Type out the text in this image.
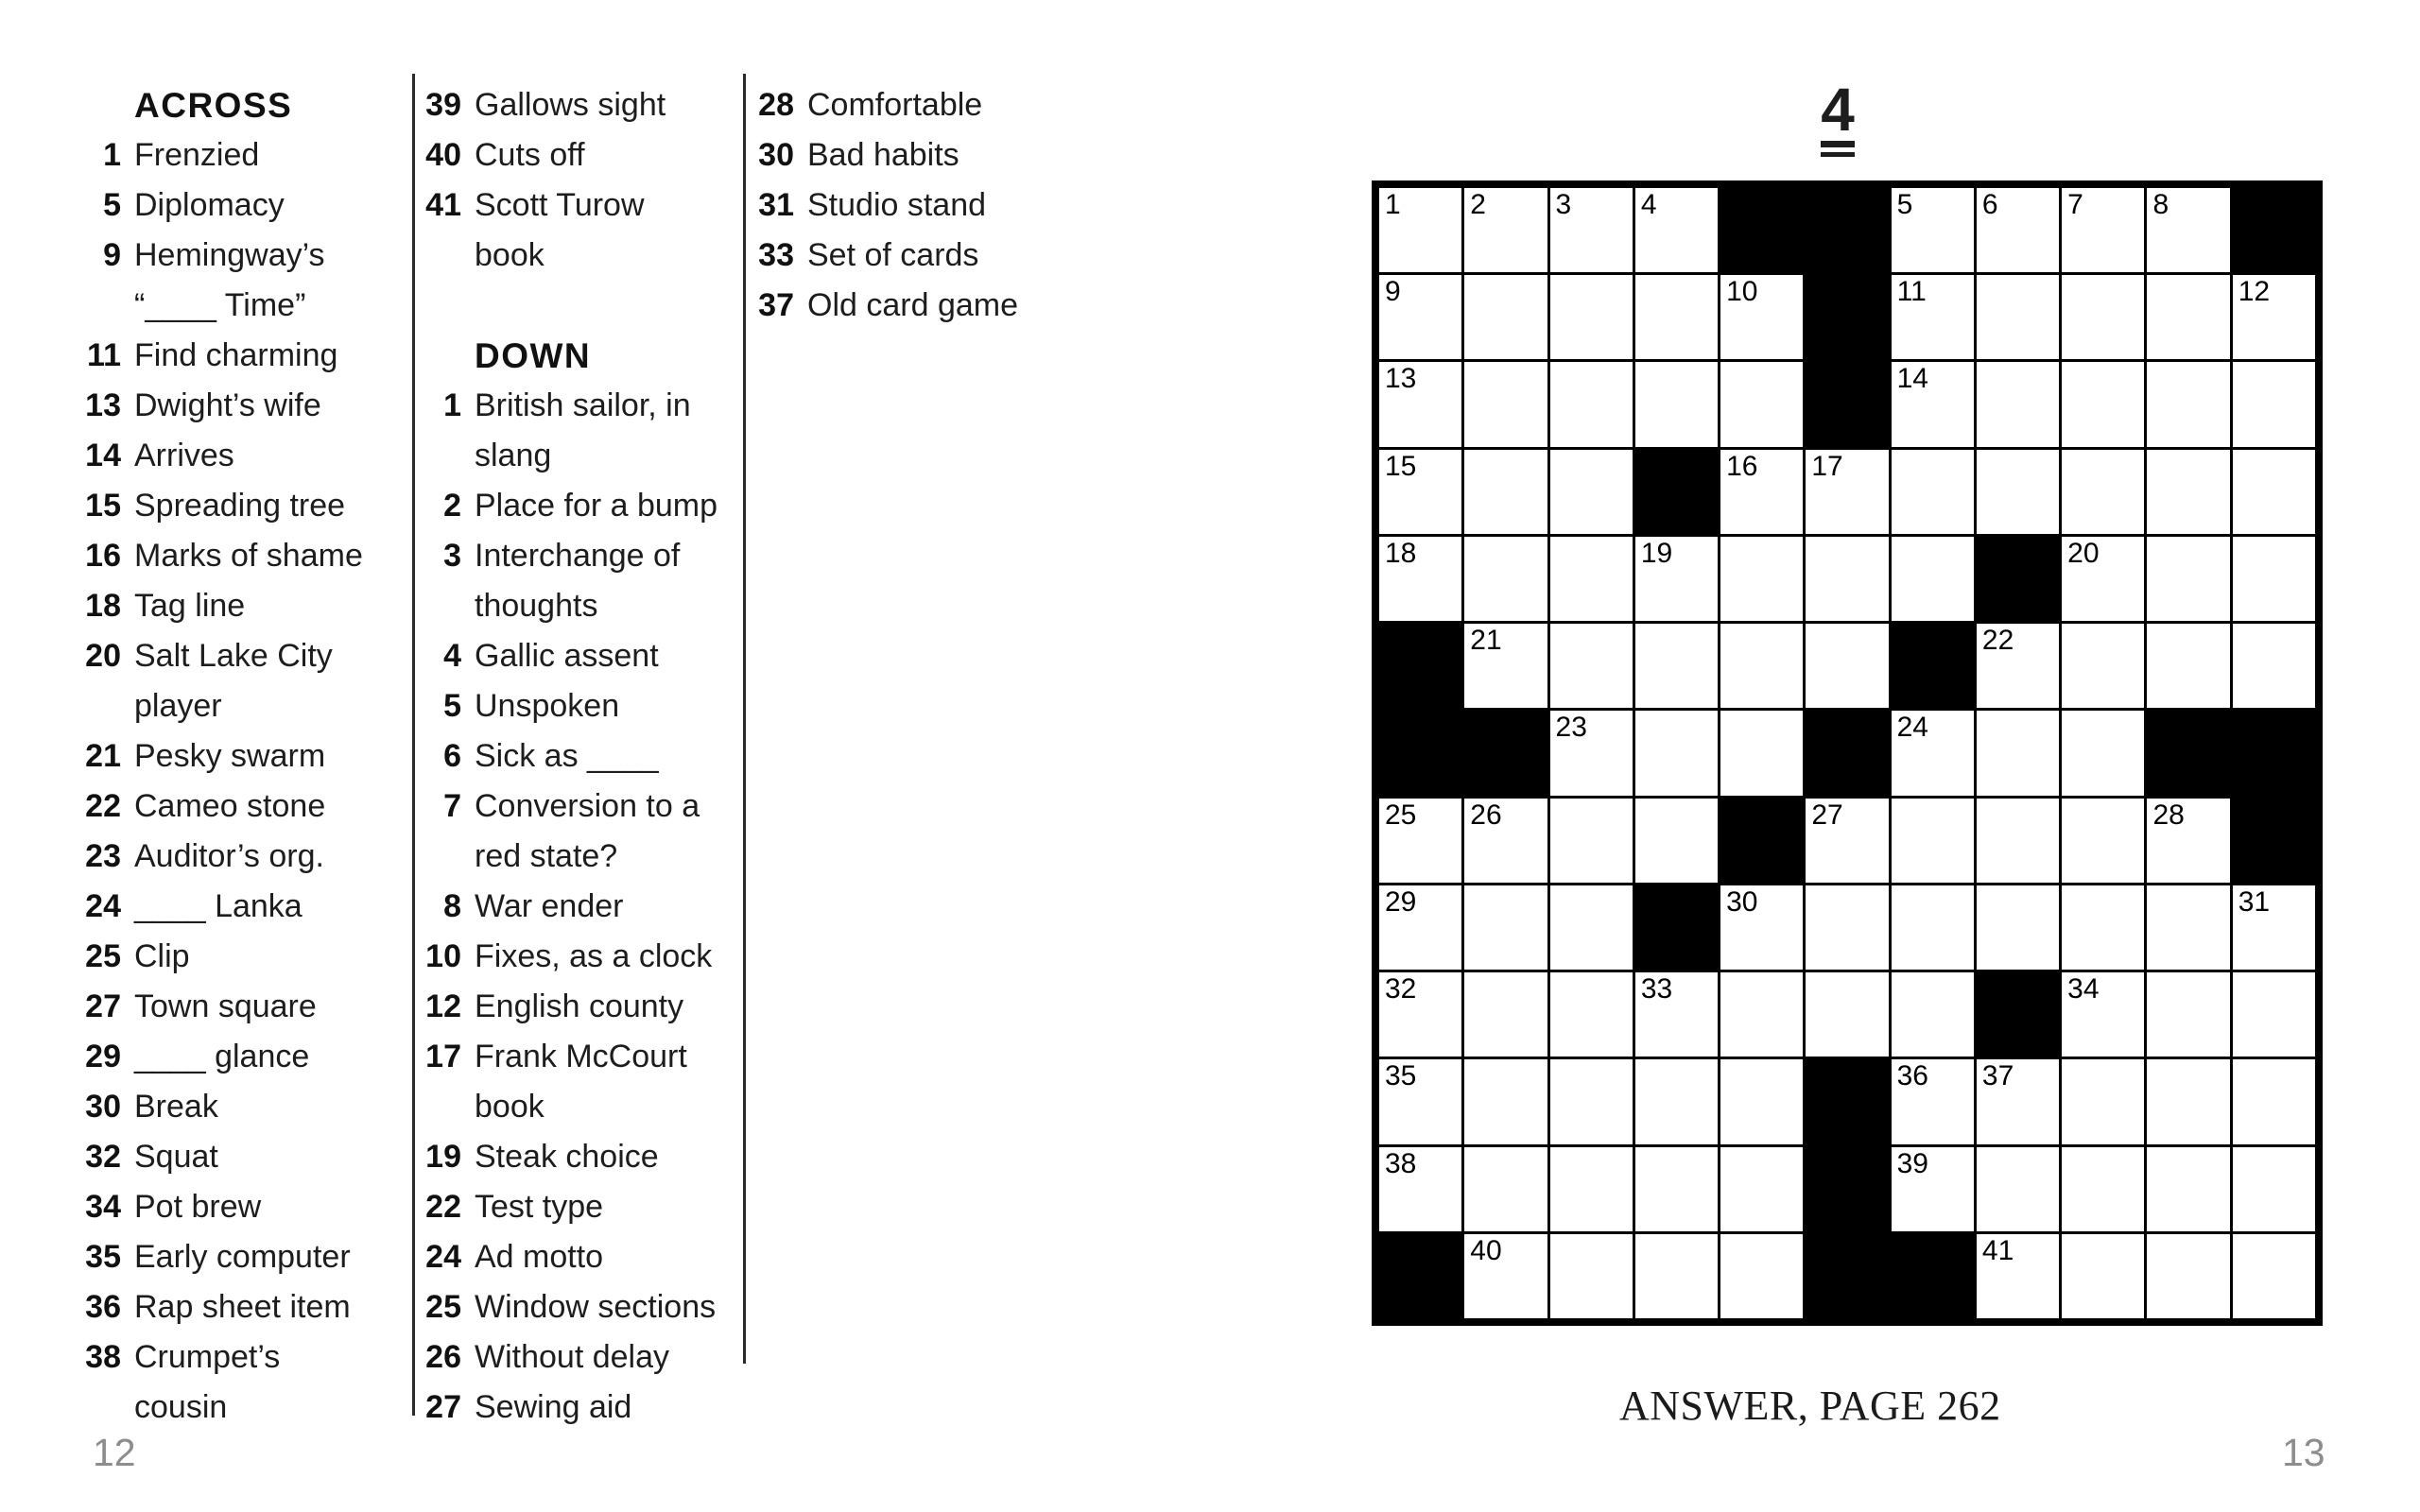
ACROSS
1 Frenzied
5 Diplomacy
9 Hemingway’s
“____ Time”
11 Find charming
13 Dwight’s wife
14 Arrives
15 Spreading tree
16 Marks of shame
18 Tag line
20 Salt Lake City
player
21 Pesky swarm
22 Cameo stone
23 Auditor’s org.
24 ____ Lanka
25 Clip
27 Town square
29 ____ glance
30 Break
32 Squat
34 Pot brew
35 Early computer
36 Rap sheet item
38 Crumpet’s
cousin
39 Gallows sight
40 Cuts off
41 Scott Turow
book
DOWN
1 British sailor, in
slang
2 Place for a bump
3 Interchange of
thoughts
4 Gallic assent
5 Unspoken
6 Sick as ____
7 Conversion to a
red state?
8 War ender
10 Fixes, as a clock
12 English county
17 Frank McCourt
book
19 Steak choice
22 Test type
24 Ad motto
25 Window sections
26 Without delay
27 Sewing aid
28 Comfortable
30 Bad habits
31 Studio stand
33 Set of cards
37 Old card game
4
1 2 3 4	5 6 7 8
9	10	11	12
13	14
15	16 17
18	19	20
21	22
23	24
25 26	27	28
29	30	31
32	33	34
35	36 37
38	39
40	41
ANSWER, PAGE 262
12	13
